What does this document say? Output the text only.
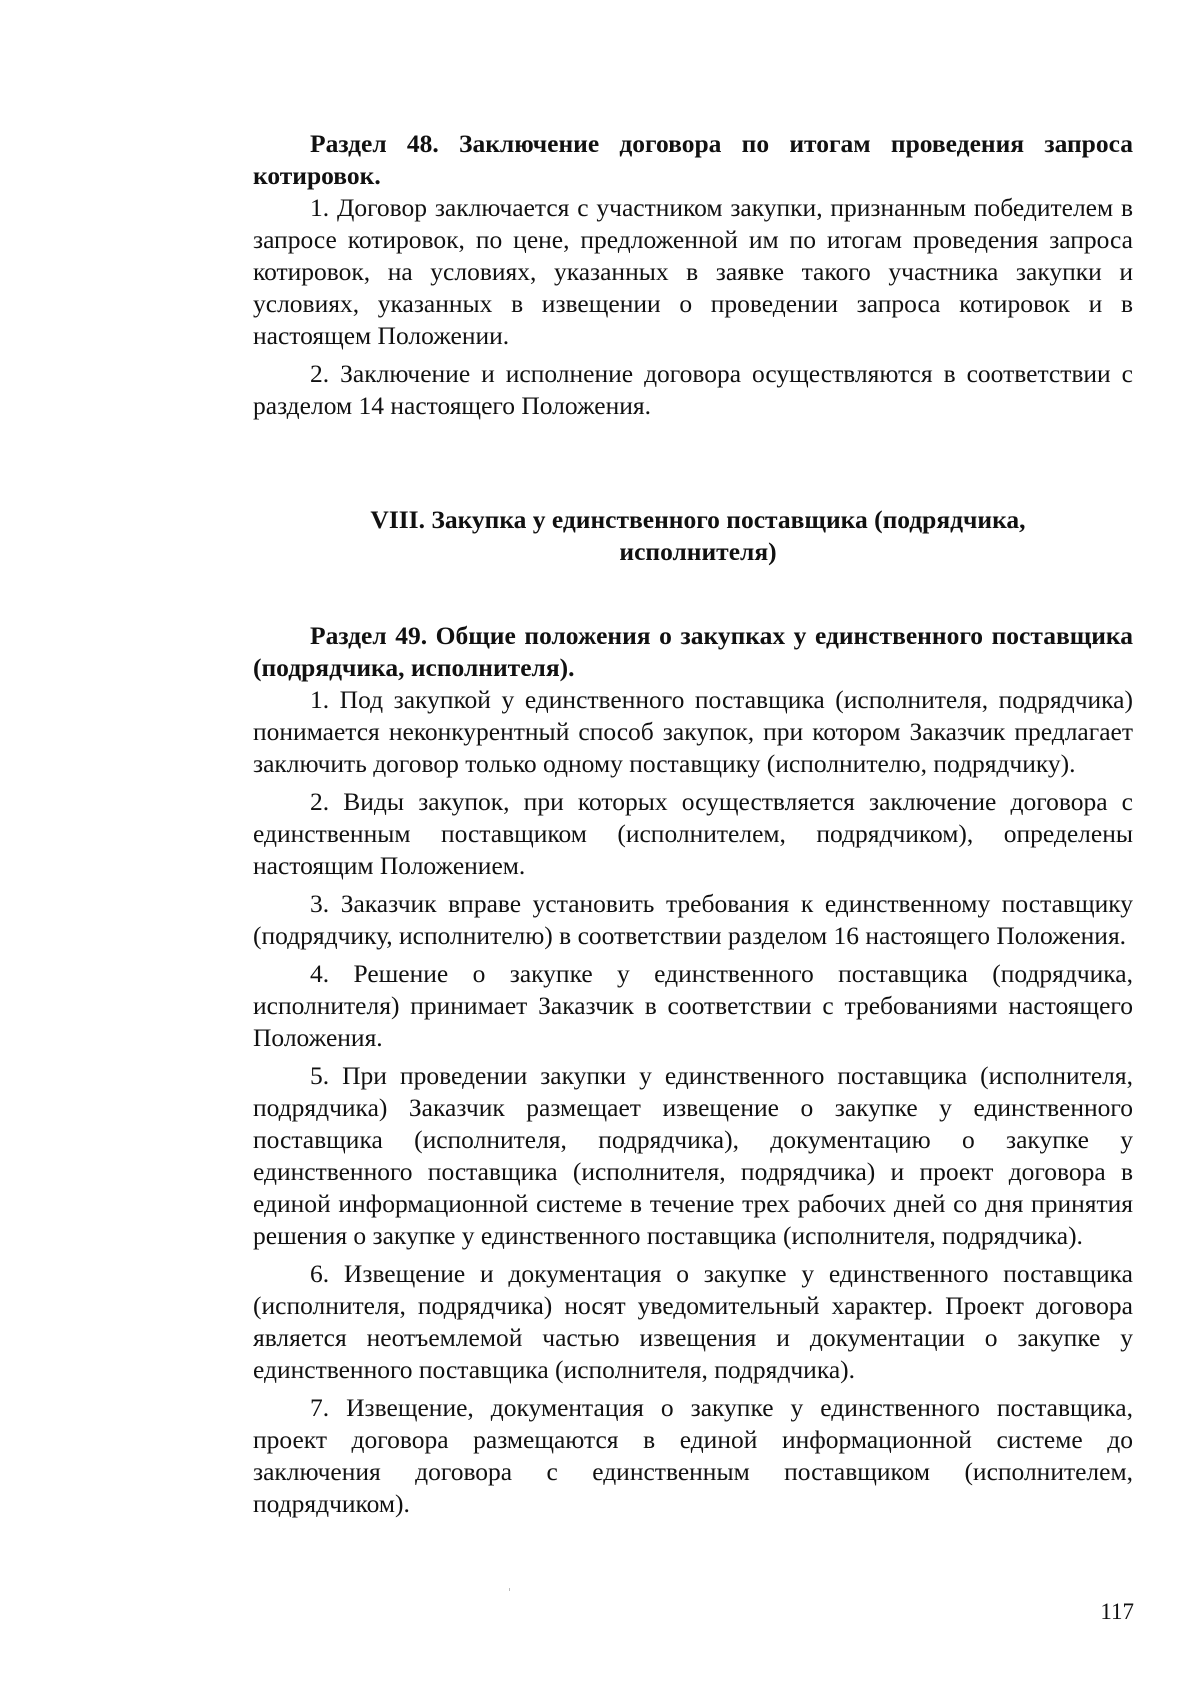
Раздел 48. Заключение договора по итогам проведения запроса котировок.

1. Договор заключается с участником закупки, признанным победителем в запросе котировок, по цене, предложенной им по итогам проведения запроса котировок, на условиях, указанных в заявке такого участника закупки и условиях, указанных в извещении о проведении запроса котировок и в настоящем Положении.

2. Заключение и исполнение договора осуществляются в соответствии с разделом 14 настоящего Положения.

VIII. Закупка у единственного поставщика (подрядчика,

исполнителя)

Раздел 49. Общие положения о закупках у единственного поставщика (подрядчика, исполнителя).

1. Под закупкой у единственного поставщика (исполнителя, подрядчика) понимается неконкурентный способ закупок, при котором Заказчик предлагает заключить договор только одному поставщику (исполнителю, подрядчику).

2. Виды закупок, при которых осуществляется заключение договора с единственным поставщиком (исполнителем, подрядчиком), определены настоящим Положением.

3. Заказчик вправе установить требования к единственному поставщику (подрядчику, исполнителю) в соответствии разделом 16 настоящего Положения.

4. Решение о закупке у единственного поставщика (подрядчика, исполнителя) принимает Заказчик в соответствии с требованиями настоящего Положения.

5. При проведении закупки у единственного поставщика (исполнителя, подрядчика) Заказчик размещает извещение о закупке у единственного поставщика (исполнителя, подрядчика), документацию о закупке у единственного поставщика (исполнителя, подрядчика) и проект договора в единой информационной системе в течение трех рабочих дней со дня принятия решения о закупке у единственного поставщика (исполнителя, подрядчика).

6. Извещение и документация о закупке у единственного поставщика (исполнителя, подрядчика) носят уведомительный характер. Проект договора является неотъемлемой частью извещения и документации о закупке у единственного поставщика (исполнителя, подрядчика).

7. Извещение, документация о закупке у единственного поставщика, проект договора размещаются в единой информационной системе до заключения договора с единственным поставщиком (исполнителем, подрядчиком).

117
